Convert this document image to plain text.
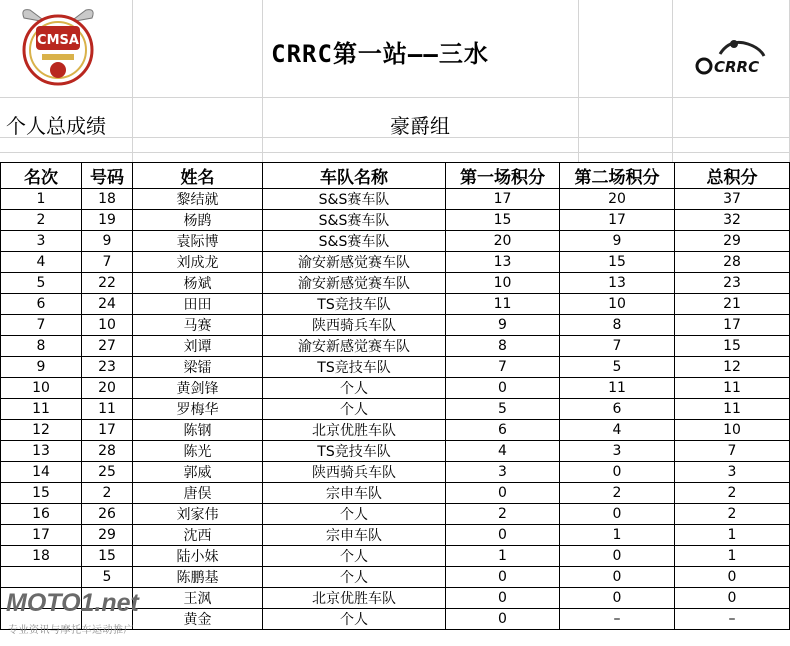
CMSA	CRRC第一站——三水	CRRC
个人总成绩	豪爵组
名次	号码	姓名	车队名称	第一场积分	第二场积分	总积分
1	18	黎结就	S&S赛车队	17	20	37
2	19	杨鹍	S&S赛车队	15	17	32
3	9	袁际博	S&S赛车队	20	9	29
4	7	刘成龙	渝安新感觉赛车队	13	15	28
5	22	杨斌	渝安新感觉赛车队	10	13	23
6	24	田田	TS竞技车队	11	10	21
7	10	马赛	陕西骑兵车队	9	8	17
8	27	刘谭	渝安新感觉赛车队	8	7	15
9	23	梁镭	TS竞技车队	7	5	12
10	20	黄剑锋	个人	0	11	11
11	11	罗梅华	个人	5	6	11
12	17	陈钢	北京优胜车队	6	4	10
13	28	陈光	TS竞技车队	4	3	7
14	25	郭威	陕西骑兵车队	3	0	3
15	2	唐俣	宗申车队	0	2	2
16	26	刘家伟	个人	2	0	2
17	29	沈西	宗申车队	0	1	1
18	15	陆小妹	个人	1	0	1
	5	陈鹏基	个人	0	0	0
		王沨	北京优胜车队	0	0	0
		黄金	个人	0	–	–
MOTO1.net
专业资讯与摩托车运动推广
